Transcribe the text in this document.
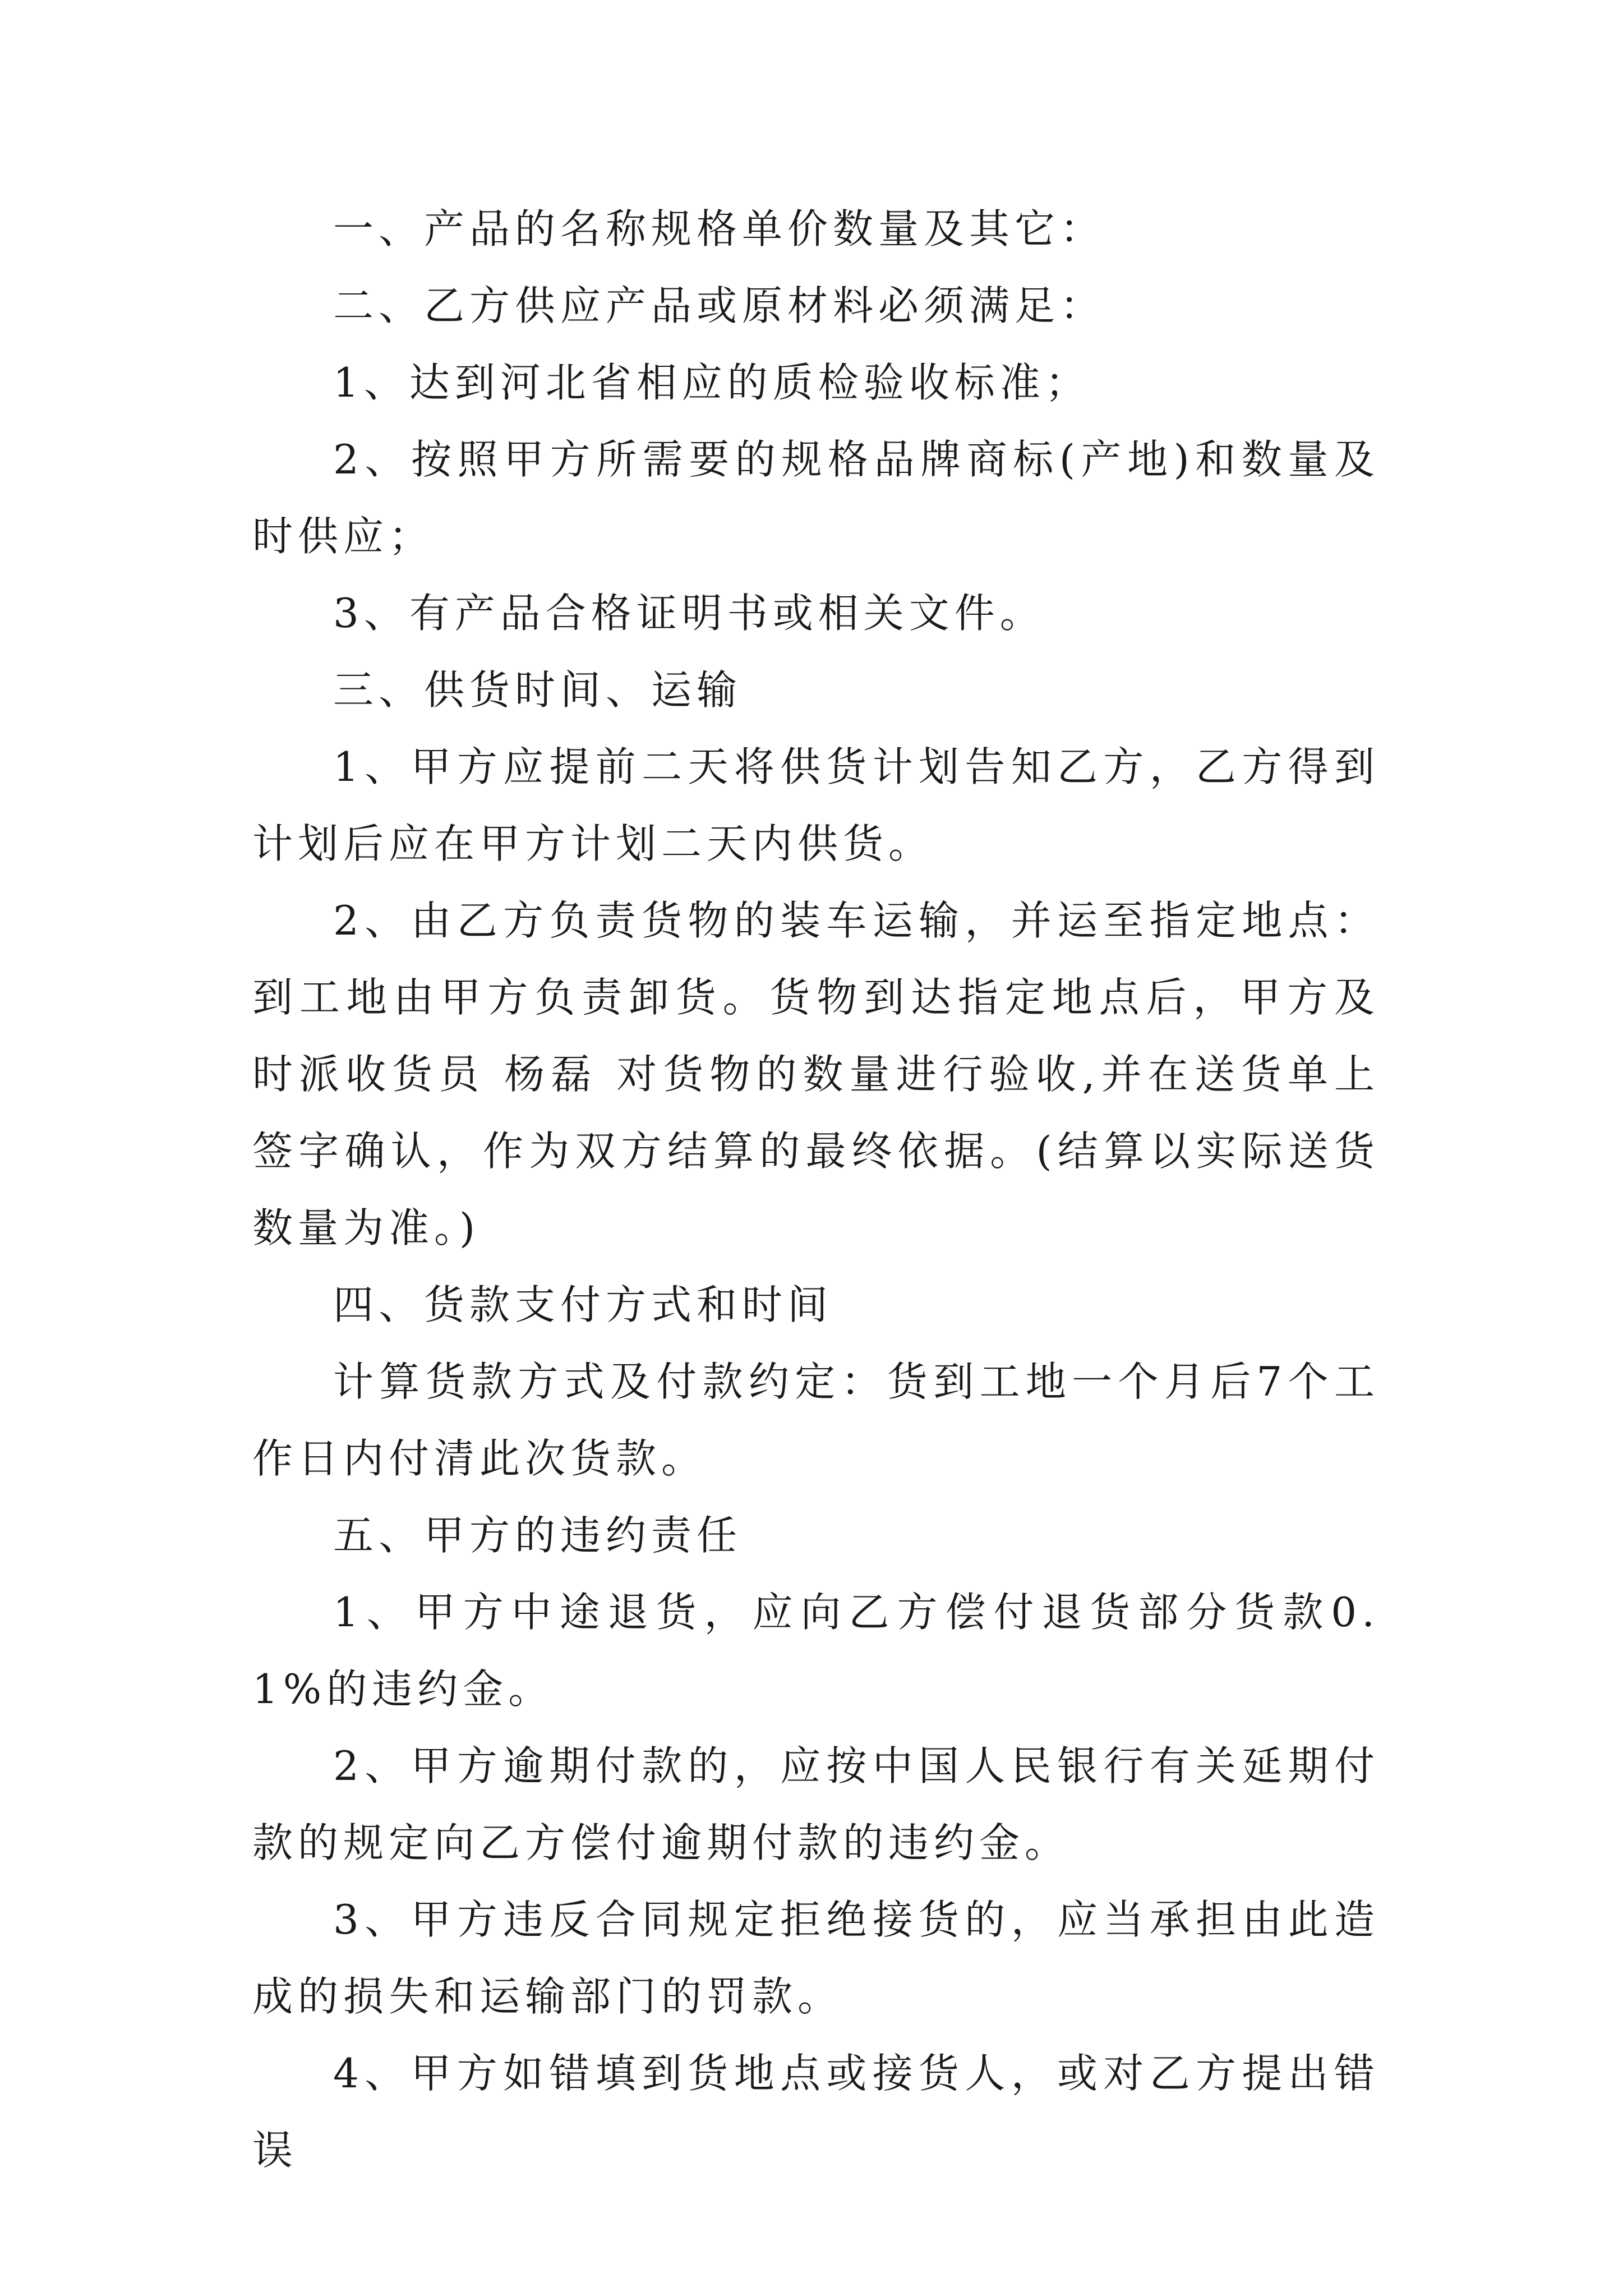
一、产品的名称规格单价数量及其它：

二、乙方供应产品或原材料必须满足：

1、达到河北省相应的质检验收标准；

2、按照甲方所需要的规格品牌商标(产地)和数量及时供应；

3、有产品合格证明书或相关文件。

三、供货时间、运输

1、甲方应提前二天将供货计划告知乙方，乙方得到计划后应在甲方计划二天内供货。

2、由乙方负责货物的装车运输，并运至指定地点：到工地由甲方负责卸货。货物到达指定地点后，甲方及时派收货员 杨磊 对货物的数量进行验收,并在送货单上签字确认，作为双方结算的最终依据。(结算以实际送货数量为准。)

四、货款支付方式和时间

计算货款方式及付款约定：货到工地一个月后7个工作日内付清此次货款。

五、甲方的违约责任

1、甲方中途退货，应向乙方偿付退货部分货款0.1%的违约金。

2、甲方逾期付款的，应按中国人民银行有关延期付款的规定向乙方偿付逾期付款的违约金。

3、甲方违反合同规定拒绝接货的，应当承担由此造成的损失和运输部门的罚款。

4、甲方如错填到货地点或接货人，或对乙方提出错误
